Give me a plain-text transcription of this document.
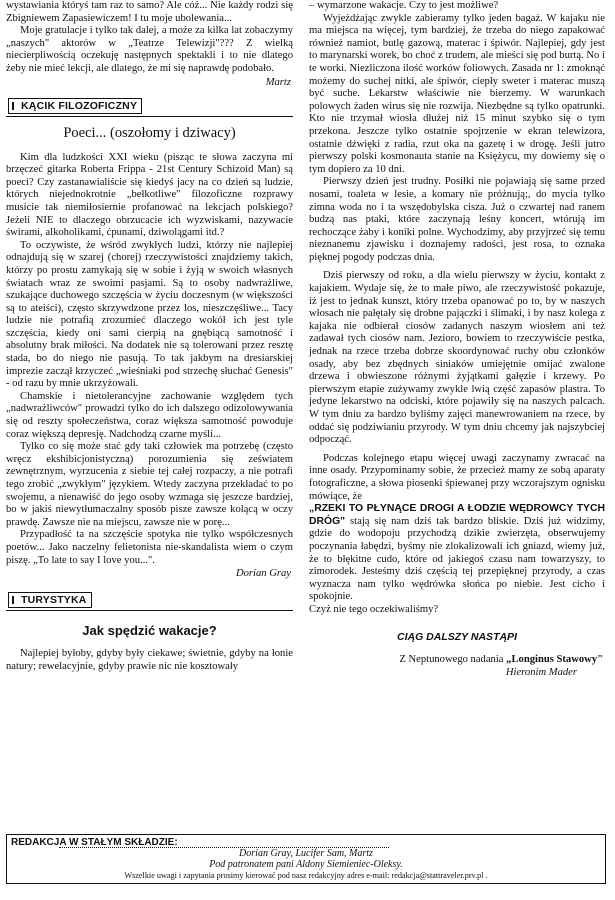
wystawiania któryś tam raz to samo? Ale cóż... Nie każdy rodzi się Zbigniewem Zapasiewiczem! I tu moje ubolewania...

Moje gratulacje i tylko tak dalej, a może za kilka lat zobaczymy „naszych" aktorów w „Teatrze Telewizji"??? Z wielką niecierpliwością oczekuję następnych spektakli i to nie dlatego żeby nie mieć lekcji, ale dlatego, że mi się naprawdę podobało.

Martz

KĄCIK FILOZOFICZNY
Poeci... (oszołomy i dziwacy)

Kim dla ludzkości XXI wieku (pisząc te słowa zaczyna mi brzęczeć gitarka Roberta Frippa - 21st Century Schizoid Man) są poeci? Czy zastanawialiście się kiedyś jacy na co dzień są ludzie, których niejednokrotnie „bełkotliwe" filozoficzne rozprawy musicie tak niemiłosiernie profanować na lekcjach polskiego? Jeżeli NIE to dlaczego obrzucacie ich wyzwiskami, nazywacie świrami, alkoholikami, ćpunami, dziwolągami itd.?

To oczywiste, że wśród zwykłych ludzi, którzy nie najlepiej odnajdują się w szarej (chorej) rzeczywistości znajdziemy takich, którzy po prostu zamykają się w sobie i żyją w swoich własnych światach wraz ze swoimi pasjami. Są to osoby nadwrażliwe, szukające duchowego szczęścia w życiu doczesnym (w większości są to ateiści), często skrzywdzone przez los, nieszczęśliwe... Tacy ludzie nie potrafią zrozumieć dlaczego wokół ich jest tyle szczęścia, kiedy oni sami cierpią na gnębiącą samotność i absolutny brak miłości. Na dodatek nie są tolerowani przez resztę stada, bo do niego nie pasują. To tak jakbym na dresiarskiej imprezie zaczął krzyczeć „wieśniaki pod strzechę słuchać Genesis" - od razu by mnie ukrzyżowali.

Chamskie i nietolerancyjne zachowanie względem tych „nadwrażliwców" prowadzi tylko do ich dalszego odizolowywania się od reszty społeczeństwa, coraz większa samotność powoduje coraz większą depresję. Nadchodzą czarne myśli...

Tylko co się może stać gdy taki człowiek ma potrzebę (często wręcz ekshibicjonistyczną) porozumienia się zeświatem zewnętrznym, wyrzucenia z siebie tej całej rozpaczy, a nie potrafi tego zrobić „zwykłym" językiem. Wtedy zaczyna przekładać to po swojemu, a nienawiść do jego osoby wzmaga się jeszcze bardziej, bo w jakiś niewytłumaczalny sposób pisze zawsze kolącą w oczy prawdę. Zawsze nie na miejscu, zawsze nie w porę...

Przypadłość ta na szczęście spotyka nie tylko współczesnych poetów... Jako naczelny felietonista nie-skandalista wiem o czym piszę. „To late to say I love you...".

Dorian Gray

TURYSTYKA
Jak spędzić wakacje?

Najlepiej byłoby, gdyby były ciekawe; świetnie, gdyby na łonie natury; rewelacyjnie, gdyby prawie nic nie kosztowały

– wymarzone wakacje. Czy to jest możliwe?

Wyjeżdżając zwykle zabieramy tylko jeden bagaż. W kajaku nie ma miejsca na więcej, tym bardziej, że trzeba do niego zapakować również namiot, butlę gazową, materac i śpiwór. Najlepiej, gdy jest to marynarski worek, bo choć z trudem, ale mieści się pod burtą. No i te worki. Niezliczona ilość worków foliowych. Zasada nr 1: zmoknąć możemy do suchej nitki, ale śpiwór, ciepły sweter i materac muszą być suche. Lekarstw właściwie nie bierzemy. W warunkach polowych żaden wirus się nie rozwija. Niezbędne są tylko opatrunki. Kto nie trzymał wiosła dłużej niż 15 minut szybko się o tym przekona. Jeszcze tylko ostatnie spojrzenie w ekran telewizora, ostatnie dźwięki z radia, rzut oka na gazetę i w drogę. Jeśli jutro pierwszy polski kosmonauta stanie na Księżycu, my dowiemy się o tym dopiero za 10 dni.

Pierwszy dzień jest trudny. Posiłki nie pojawiają się same przed nosami, toaleta w lesie, a komary nie próżnują;, do mycia tylko zimna woda no i ta wszędobylska cisza. Już o czwartej nad ranem budzą nas ptaki, które zaczynają leśny koncert, wtórują im rechoczące żaby i koniki polne. Wychodzimy, aby przyjrzeć się temu nieznanemu zjawisku i doznajemy radości, jest rosa, to oznaka pięknej pogody podczas dnia.

Dziś pierwszy od roku, a dla wielu pierwszy w życiu, kontakt z kajakiem. Wydaje się, że to małe piwo, ale rzeczywistość pokazuje, iż jest to jednak kunszt, który trzeba opanować po to, by w naszych włosach nie pałętały się drobne pajączki i ślimaki, i by nasz kolega z kajaka nie odbierał ciosów zadanych naszym wiosłem ani też zadawał tych ciosów nam. Jezioro, bowiem to rzeczywiście pestka, jednak na rzece trzeba dobrze skoordynować ruchy obu członków osady, aby bez zbędnych siniaków umiejętnie omijać zwalone drzewa i obwieszone różnymi żyjątkami gałęzie i krzewy. Po pierwszym etapie zużywamy zwykle lwią część zapasów plastra. To jedyne lekarstwo na odciski, które pojawiły się na naszych palcach. W tym dniu za bardzo byliśmy zajęci manewrowaniem na rzece, by oddać się podziwianiu przyrody. W tym dniu chcemy jak najszybciej odpocząć.

Podczas kolejnego etapu więcej uwagi zaczynamy zwracać na inne osady. Przypominamy sobie, że przecież mamy ze sobą aparaty fotograficzne, a słowa piosenki śpiewanej przy wczorajszym ognisku mówiące, że

„RZEKI TO PŁYNĄCE DROGI A ŁODZIE WĘDROWCY TYCH DRÓG" stają się nam dziś tak bardzo bliskie. Dziś już widzimy, gdzie do wodopoju przychodzą dzikie zwierzęta, obserwujemy poczynania łabędzi, byśmy nie zlokalizowali ich gniazd, wiemy już, że to błękitne cudo, które od jakiegoś czasu nam towarzyszy, to zimorodek. Jesteśmy dziś częścią tej przepięknej przyrody, a czas wyznacza nam tylko wędrówka słońca po niebie. Jest cicho i spokojnie.

Czyż nie tego oczekiwaliśmy?

CIĄG DALSZY NASTĄPI
Z Neptunowego nadania „Longinus Stawowy"

Hieronim Mader

REDAKCJA W STAŁYM SKŁADZIE:
Dorian Gray, Lucifer Sam, Martz
Pod patronatem pani Aldony Siemieniec-Oleksy.
Wszelkie uwagi i zapytania prosimy kierować pod nasz redakcyjny adres e-mail: redakcja@stattraveler.prv.pl .
